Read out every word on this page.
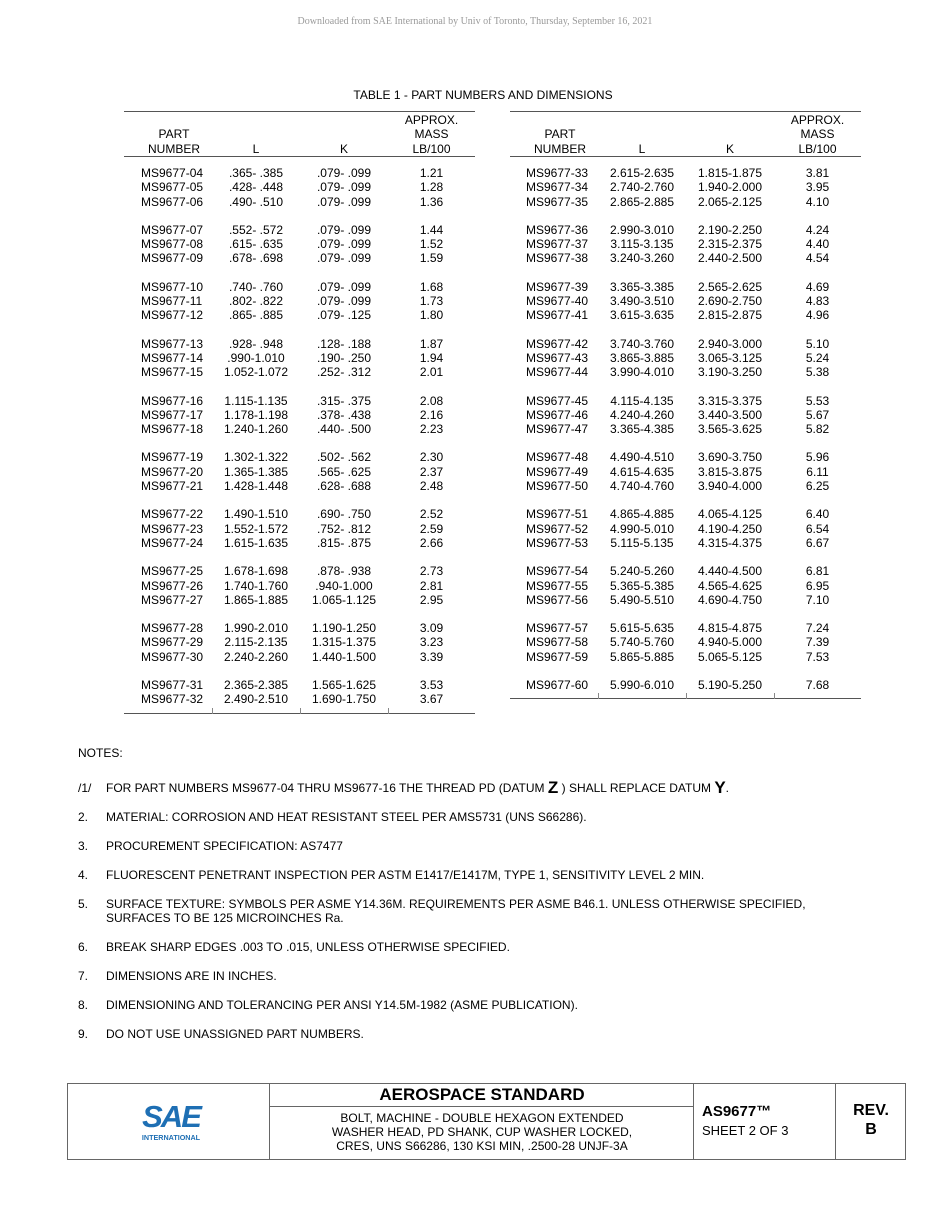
Downloaded from SAE International by Univ of Toronto, Thursday, September 16, 2021
TABLE 1 - PART NUMBERS AND DIMENSIONS
PART
NUMBER	L	K
APPROX.
MASS
LB/100
MS9677-04	.365- .385	.079- .099	1.21
MS9677-05	.428- .448	.079- .099	1.28
MS9677-06	.490- .510	.079- .099	1.36
MS9677-07	.552- .572	.079- .099	1.44
MS9677-08	.615- .635	.079- .099	1.52
MS9677-09	.678- .698	.079- .099	1.59
MS9677-10	.740- .760	.079- .099	1.68
MS9677-11	.802- .822	.079- .099	1.73
MS9677-12	.865- .885	.079- .125	1.80
MS9677-13	.928- .948	.128- .188	1.87
MS9677-14	.990-1.010	.190- .250	1.94
MS9677-15	1.052-1.072	.252- .312	2.01
MS9677-16	1.115-1.135	.315- .375	2.08
MS9677-17	1.178-1.198	.378- .438	2.16
MS9677-18	1.240-1.260	.440- .500	2.23
MS9677-19	1.302-1.322	.502- .562	2.30
MS9677-20	1.365-1.385	.565- .625	2.37
MS9677-21	1.428-1.448	.628- .688	2.48
MS9677-22	1.490-1.510	.690- .750	2.52
MS9677-23	1.552-1.572	.752- .812	2.59
MS9677-24	1.615-1.635	.815- .875	2.66
MS9677-25	1.678-1.698	.878- .938	2.73
MS9677-26	1.740-1.760	.940-1.000	2.81
MS9677-27	1.865-1.885	1.065-1.125	2.95
MS9677-28	1.990-2.010	1.190-1.250	3.09
MS9677-29	2.115-2.135	1.315-1.375	3.23
MS9677-30	2.240-2.260	1.440-1.500	3.39
MS9677-31	2.365-2.385	1.565-1.625	3.53
MS9677-32	2.490-2.510	1.690-1.750	3.67
PART
NUMBER	L	K
APPROX.
MASS
LB/100
MS9677-33	2.615-2.635	1.815-1.875	3.81
MS9677-34	2.740-2.760	1.940-2.000	3.95
MS9677-35	2.865-2.885	2.065-2.125	4.10
MS9677-36	2.990-3.010	2.190-2.250	4.24
MS9677-37	3.115-3.135	2.315-2.375	4.40
MS9677-38	3.240-3.260	2.440-2.500	4.54
MS9677-39	3.365-3.385	2.565-2.625	4.69
MS9677-40	3.490-3.510	2.690-2.750	4.83
MS9677-41	3.615-3.635	2.815-2.875	4.96
MS9677-42	3.740-3.760	2.940-3.000	5.10
MS9677-43	3.865-3.885	3.065-3.125	5.24
MS9677-44	3.990-4.010	3.190-3.250	5.38
MS9677-45	4.115-4.135	3.315-3.375	5.53
MS9677-46	4.240-4.260	3.440-3.500	5.67
MS9677-47	3.365-4.385	3.565-3.625	5.82
MS9677-48	4.490-4.510	3.690-3.750	5.96
MS9677-49	4.615-4.635	3.815-3.875	6.11
MS9677-50	4.740-4.760	3.940-4.000	6.25
MS9677-51	4.865-4.885	4.065-4.125	6.40
MS9677-52	4.990-5.010	4.190-4.250	6.54
MS9677-53	5.115-5.135	4.315-4.375	6.67
MS9677-54	5.240-5.260	4.440-4.500	6.81
MS9677-55	5.365-5.385	4.565-4.625	6.95
MS9677-56	5.490-5.510	4.690-4.750	7.10
MS9677-57	5.615-5.635	4.815-4.875	7.24
MS9677-58	5.740-5.760	4.940-5.000	7.39
MS9677-59	5.865-5.885	5.065-5.125	7.53
MS9677-60	5.990-6.010	5.190-5.250	7.68
NOTES:
/1/ FOR PART NUMBERS MS9677-04 THRU MS9677-16 THE THREAD PD (DATUM Z ) SHALL REPLACE DATUM Y.
2. MATERIAL: CORROSION AND HEAT RESISTANT STEEL PER AMS5731 (UNS S66286).
3. PROCUREMENT SPECIFICATION: AS7477
4. FLUORESCENT PENETRANT INSPECTION PER ASTM E1417/E1417M, TYPE 1, SENSITIVITY LEVEL 2 MIN.
5. SURFACE TEXTURE: SYMBOLS PER ASME Y14.36M. REQUIREMENTS PER ASME B46.1. UNLESS OTHERWISE SPECIFIED, SURFACES TO BE 125 MICROINCHES Ra.
6. BREAK SHARP EDGES .003 TO .015, UNLESS OTHERWISE SPECIFIED.
7. DIMENSIONS ARE IN INCHES.
8. DIMENSIONING AND TOLERANCING PER ANSI Y14.5M-1982 (ASME PUBLICATION).
9. DO NOT USE UNASSIGNED PART NUMBERS.
SAE
INTERNATIONAL
AEROSPACE STANDARD
BOLT, MACHINE - DOUBLE HEXAGON EXTENDED
WASHER HEAD, PD SHANK, CUP WASHER LOCKED,
CRES, UNS S66286, 130 KSI MIN, .2500-28 UNJF-3A
AS9677™
SHEET 2 OF 3
REV.
B
